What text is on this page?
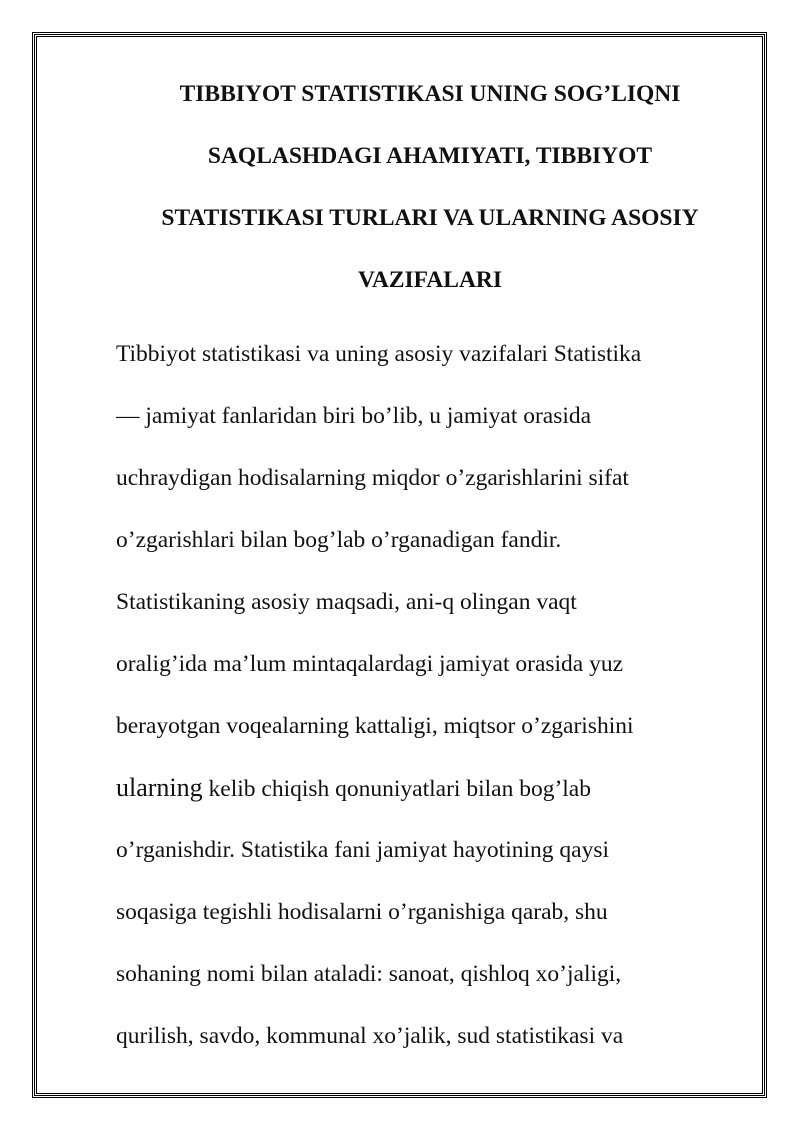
TIBBIYOT STATISTIKASI UNING SOG’LIQNI
SAQLASHDAGI AHAMIYATI, TIBBIYOT
STATISTIKASI TURLARI VA ULARNING ASOSIY
VAZIFALARI
Tibbiyot statistikasi va uning asosiy vazifalari Statistika
— jamiyat fanlaridan biri bo’lib, u jamiyat orasida
uchraydigan hodisalarning miqdor o’zgarishlarini sifat
o’zgarishlari bilan bog’lab o’rganadigan fandir.
Statistikaning asosiy maqsadi, ani-q olingan vaqt
oralig’ida ma’lum mintaqalardagi jamiyat orasida yuz
berayotgan voqealarning kattaligi, miqtsor o’zgarishini
ularning kelib chiqish qonuniyatlari bilan bog’lab
o’rganishdir. Statistika fani jamiyat hayotining qaysi
soqasiga tegishli hodisalarni o’rganishiga qarab, shu
sohaning nomi bilan ataladi: sanoat, qishloq xo’jaligi,
qurilish, savdo, kommunal xo’jalik, sud statistikasi va
